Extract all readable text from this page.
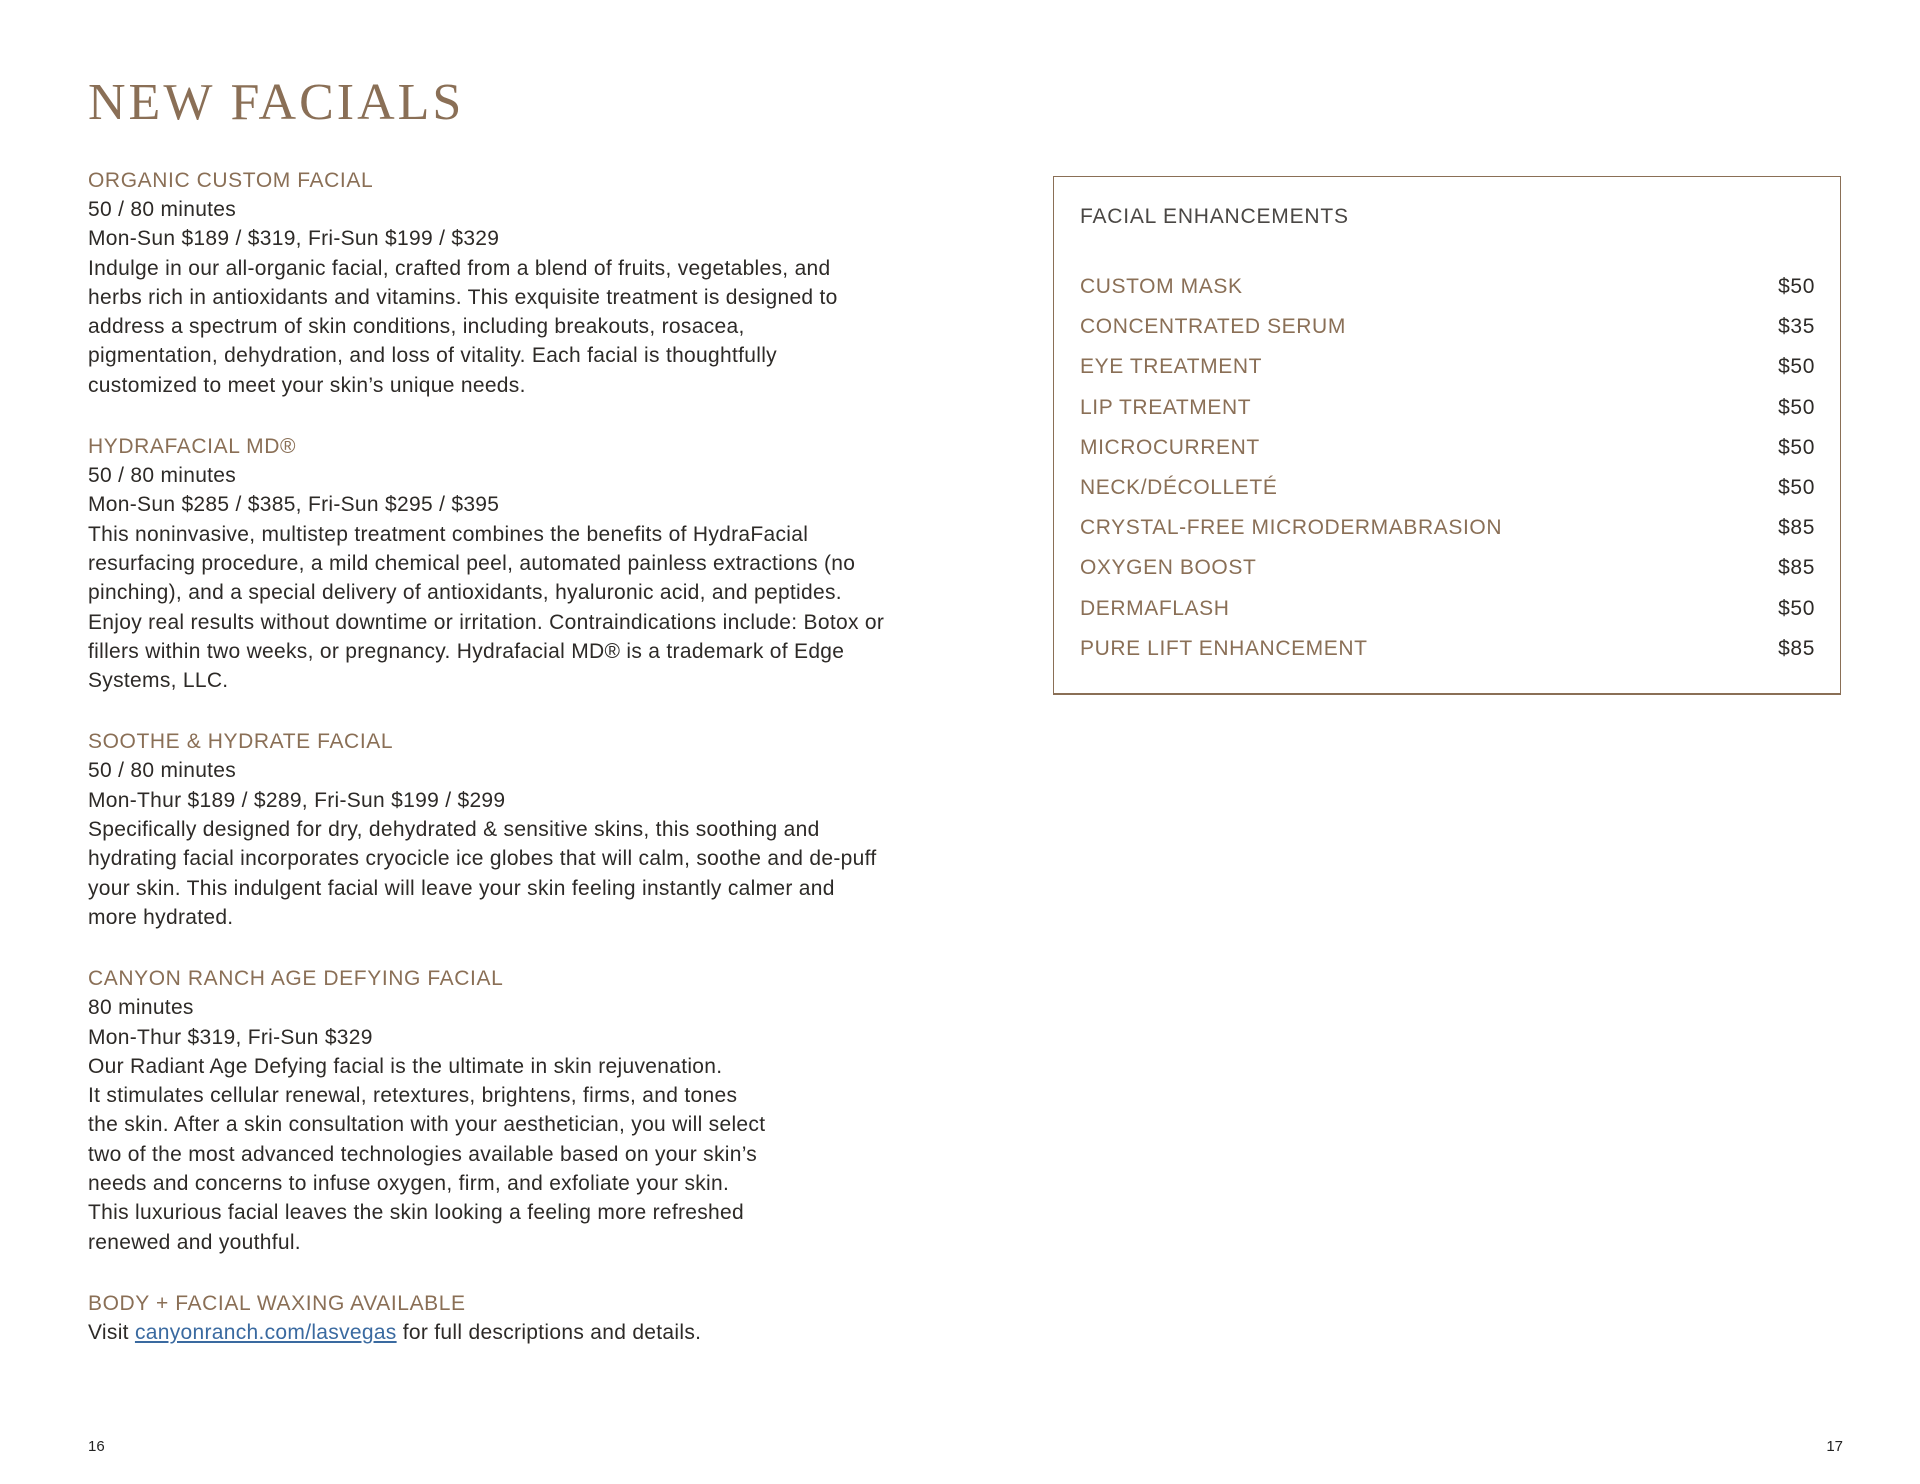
NEW FACIALS
ORGANIC CUSTOM FACIAL
50 / 80 minutes
Mon-Sun $189 / $319, Fri-Sun $199 / $329
Indulge in our all-organic facial, crafted from a blend of fruits, vegetables, and herbs rich in antioxidants and vitamins. This exquisite treatment is designed to address a spectrum of skin conditions, including breakouts, rosacea, pigmentation, dehydration, and loss of vitality. Each facial is thoughtfully customized to meet your skin’s unique needs.
HYDRAFACIAL MD®
50 / 80 minutes
Mon-Sun $285 / $385, Fri-Sun $295 / $395
This noninvasive, multistep treatment combines the benefits of HydraFacial resurfacing procedure, a mild chemical peel, automated painless extractions (no pinching), and a special delivery of antioxidants, hyaluronic acid, and peptides. Enjoy real results without downtime or irritation. Contraindications include: Botox or fillers within two weeks, or pregnancy. Hydrafacial MD® is a trademark of Edge Systems, LLC.
SOOTHE & HYDRATE FACIAL
50 / 80 minutes
Mon-Thur $189 / $289, Fri-Sun $199 / $299
Specifically designed for dry, dehydrated & sensitive skins, this soothing and hydrating facial incorporates cryocicle ice globes that will calm, soothe and de-puff your skin. This indulgent facial will leave your skin feeling instantly calmer and more hydrated.
CANYON RANCH AGE DEFYING FACIAL
80 minutes
Mon-Thur $319, Fri-Sun $329
Our Radiant Age Defying facial is the ultimate in skin rejuvenation.
It stimulates cellular renewal, retextures, brightens, firms, and tones
the skin. After a skin consultation with your aesthetician, you will select
two of the most advanced technologies available based on your skin’s
needs and concerns to infuse oxygen, firm, and exfoliate your skin.
This luxurious facial leaves the skin looking a feeling more refreshed
renewed and youthful.
BODY + FACIAL WAXING AVAILABLE
Visit canyonranch.com/lasvegas for full descriptions and details.
FACIAL ENHANCEMENTS
CUSTOM MASK	$50
CONCENTRATED SERUM	$35
EYE TREATMENT	$50
LIP TREATMENT	$50
MICROCURRENT	$50
NECK/DÉCOLLETÉ	$50
CRYSTAL-FREE MICRODERMABRASION	$85
OXYGEN BOOST	$85
DERMAFLASH	$50
PURE LIFT ENHANCEMENT	$85
16	17
